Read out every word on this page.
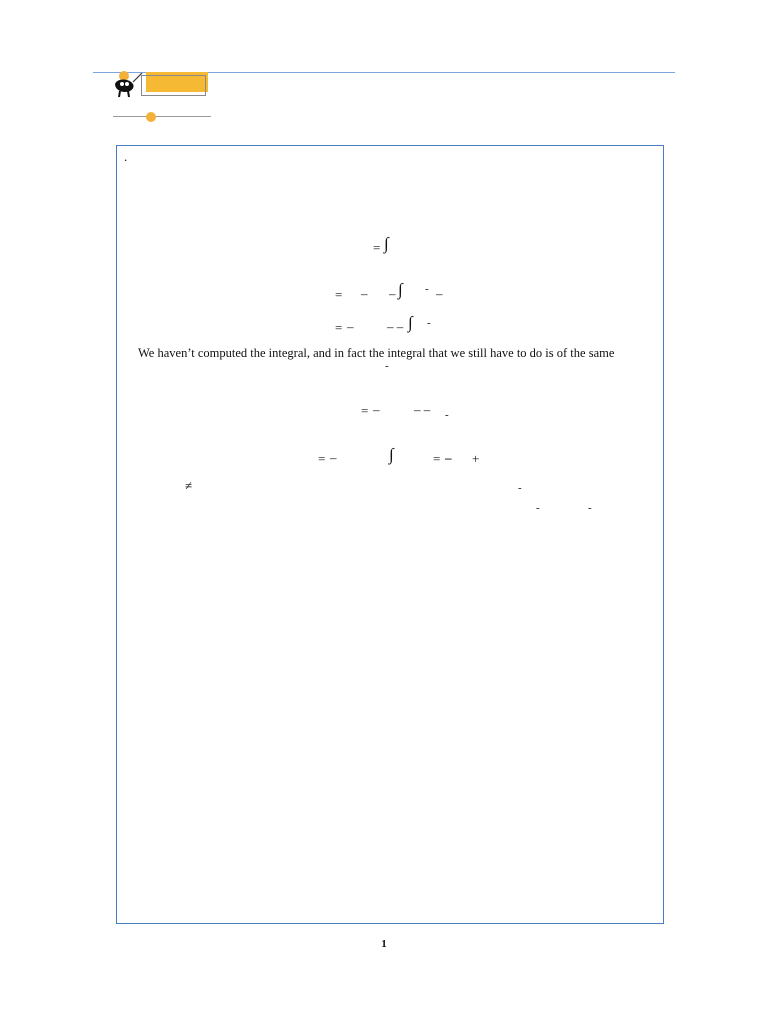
.
= ∫
= – – ∫ - –
= –	– – ∫ -
We haven’t computed the integral, and in fact the integral that we still have to do is of the same
-
= –	– – -
= –	∫	= – +
≠	-
-	-
1
